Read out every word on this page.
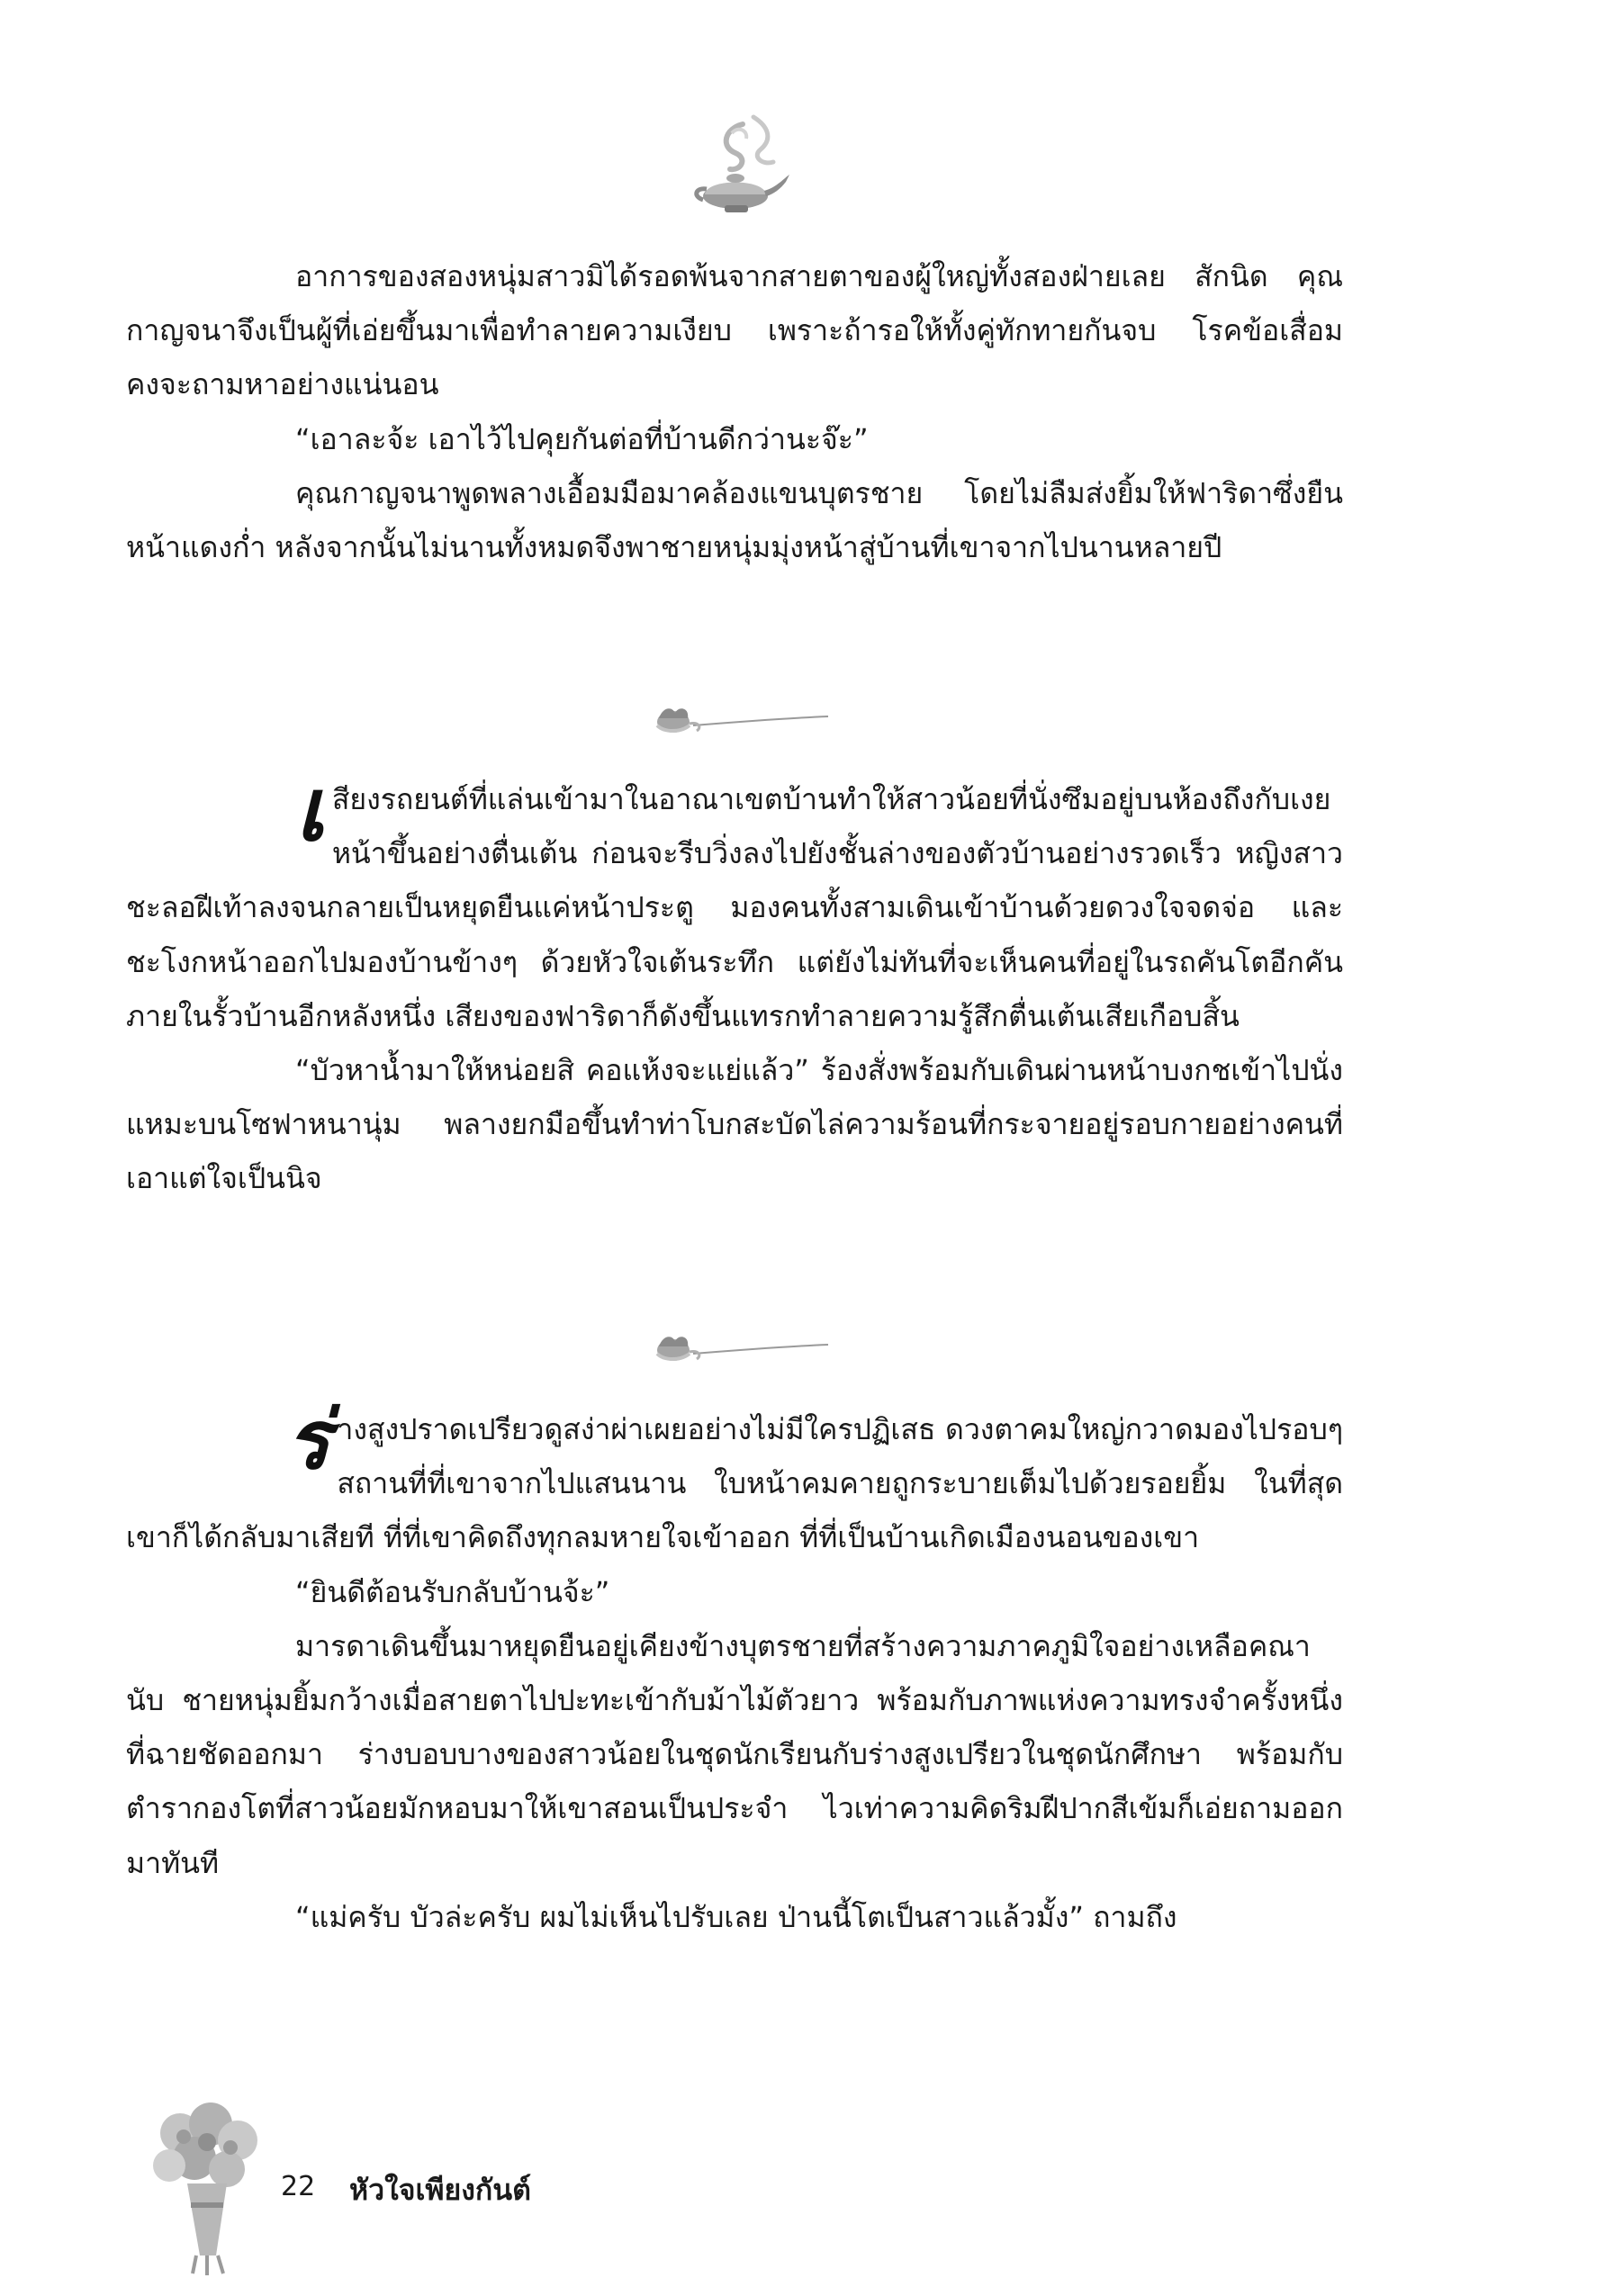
อาการของสองหนุ่มสาวมิได้รอดพ้นจากสายตาของผู้ใหญ่ทั้งสองฝ่ายเลย สักนิด คุณกาญจนาจึงเป็นผู้ที่เอ่ยขึ้นมาเพื่อทำลายความเงียบ เพราะถ้ารอให้ทั้งคู่ทักทายกันจบ โรคข้อเสื่อมคงจะถามหาอย่างแน่นอน

“เอาละจ้ะ เอาไว้ไปคุยกันต่อที่บ้านดีกว่านะจ๊ะ”

คุณกาญจนาพูดพลางเอื้อมมือมาคล้องแขนบุตรชาย โดยไม่ลืมส่งยิ้มให้ฟาริดาซึ่งยืนหน้าแดงก่ำ หลังจากนั้นไม่นานทั้งหมดจึงพาชายหนุ่มมุ่งหน้าสู่บ้านที่เขาจากไปนานหลายปี

เสียงรถยนต์ที่แล่นเข้ามาในอาณาเขตบ้านทำให้สาวน้อยที่นั่งซึมอยู่บนห้องถึงกับเงยหน้าขึ้นอย่างตื่นเต้น ก่อนจะรีบวิ่งลงไปยังชั้นล่างของตัวบ้านอย่างรวดเร็ว หญิงสาวชะลอฝีเท้าลงจนกลายเป็นหยุดยืนแค่หน้าประตู มองคนทั้งสามเดินเข้าบ้านด้วยดวงใจจดจ่อ และชะโงกหน้าออกไปมองบ้านข้างๆ ด้วยหัวใจเต้นระทึก แต่ยังไม่ทันที่จะเห็นคนที่อยู่ในรถคันโตอีกคันภายในรั้วบ้านอีกหลังหนึ่ง เสียงของฟาริดาก็ดังขึ้นแทรกทำลายความรู้สึกตื่นเต้นเสียเกือบสิ้น

“บัวหาน้ำมาให้หน่อยสิ คอแห้งจะแย่แล้ว” ร้องสั่งพร้อมกับเดินผ่านหน้าบงกชเข้าไปนั่งแหมะบนโซฟาหนานุ่ม พลางยกมือขึ้นทำท่าโบกสะบัดไล่ความร้อนที่กระจายอยู่รอบกายอย่างคนที่เอาแต่ใจเป็นนิจ

ร่างสูงปราดเปรียวดูสง่าผ่าเผยอย่างไม่มีใครปฏิเสธ ดวงตาคมใหญ่กวาดมองไปรอบๆ สถานที่ที่เขาจากไปแสนนาน ใบหน้าคมคายถูกระบายเต็มไปด้วยรอยยิ้ม ในที่สุดเขาก็ได้กลับมาเสียที ที่ที่เขาคิดถึงทุกลมหายใจเข้าออก ที่ที่เป็นบ้านเกิดเมืองนอนของเขา

“ยินดีต้อนรับกลับบ้านจ้ะ”

มารดาเดินขึ้นมาหยุดยืนอยู่เคียงข้างบุตรชายที่สร้างความภาคภูมิใจอย่างเหลือคณานับ ชายหนุ่มยิ้มกว้างเมื่อสายตาไปปะทะเข้ากับม้าไม้ตัวยาว พร้อมกับภาพแห่งความทรงจำครั้งหนึ่งที่ฉายชัดออกมา ร่างบอบบางของสาวน้อยในชุดนักเรียนกับร่างสูงเปรียวในชุดนักศึกษา พร้อมกับตำรากองโตที่สาวน้อยมักหอบมาให้เขาสอนเป็นประจำ ไวเท่าความคิดริมฝีปากสีเข้มก็เอ่ยถามออกมาทันที

“แม่ครับ บัวล่ะครับ ผมไม่เห็นไปรับเลย ป่านนี้โตเป็นสาวแล้วมั้ง” ถามถึง

22 หัวใจเพียงกันต์
